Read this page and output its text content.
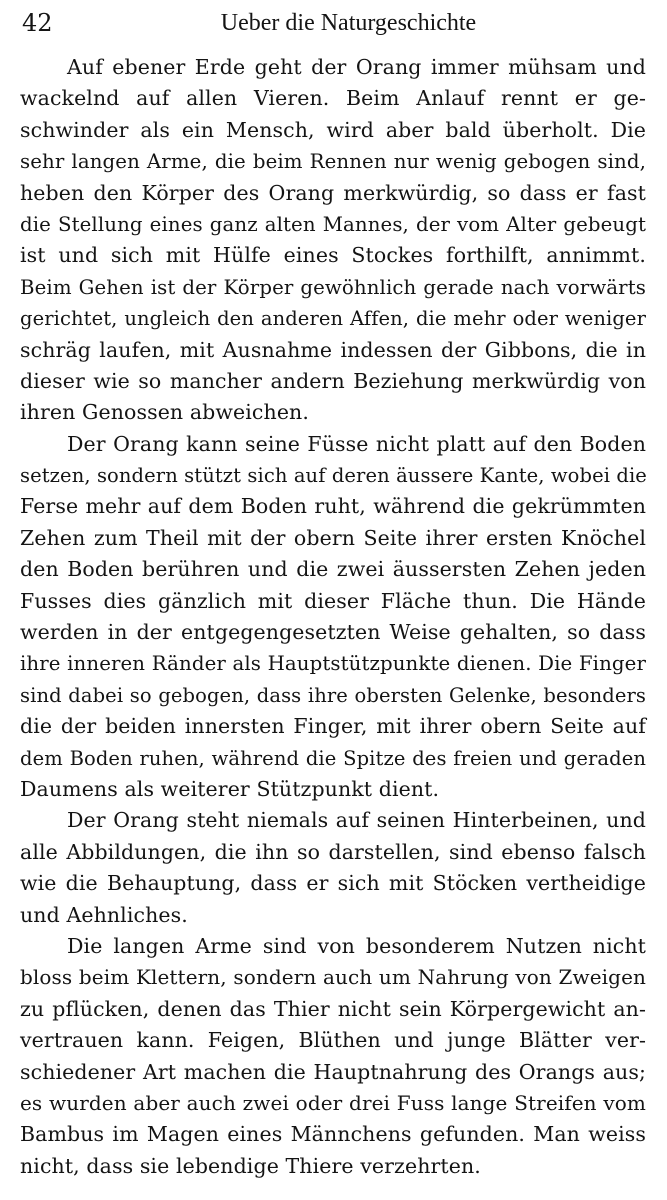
42	Ueber die Naturgeschichte
Auf ebener Erde geht der Orang immer mühsam und
wackelnd auf allen Vieren. Beim Anlauf rennt er ge-
schwinder als ein Mensch, wird aber bald überholt. Die
sehr langen Arme, die beim Rennen nur wenig gebogen sind,
heben den Körper des Orang merkwürdig, so dass er fast
die Stellung eines ganz alten Mannes, der vom Alter gebeugt
ist und sich mit Hülfe eines Stockes forthilft, annimmt.
Beim Gehen ist der Körper gewöhnlich gerade nach vorwärts
gerichtet, ungleich den anderen Affen, die mehr oder weniger
schräg laufen, mit Ausnahme indessen der Gibbons, die in
dieser wie so mancher andern Beziehung merkwürdig von
ihren Genossen abweichen.
Der Orang kann seine Füsse nicht platt auf den Boden
setzen, sondern stützt sich auf deren äussere Kante, wobei die
Ferse mehr auf dem Boden ruht, während die gekrümmten
Zehen zum Theil mit der obern Seite ihrer ersten Knöchel
den Boden berühren und die zwei äussersten Zehen jeden
Fusses dies gänzlich mit dieser Fläche thun. Die Hände
werden in der entgegengesetzten Weise gehalten, so dass
ihre inneren Ränder als Hauptstützpunkte dienen. Die Finger
sind dabei so gebogen, dass ihre obersten Gelenke, besonders
die der beiden innersten Finger, mit ihrer obern Seite auf
dem Boden ruhen, während die Spitze des freien und geraden
Daumens als weiterer Stützpunkt dient.
Der Orang steht niemals auf seinen Hinterbeinen, und
alle Abbildungen, die ihn so darstellen, sind ebenso falsch
wie die Behauptung, dass er sich mit Stöcken vertheidige
und Aehnliches.
Die langen Arme sind von besonderem Nutzen nicht
bloss beim Klettern, sondern auch um Nahrung von Zweigen
zu pflücken, denen das Thier nicht sein Körpergewicht an-
vertrauen kann. Feigen, Blüthen und junge Blätter ver-
schiedener Art machen die Hauptnahrung des Orangs aus;
es wurden aber auch zwei oder drei Fuss lange Streifen vom
Bambus im Magen eines Männchens gefunden. Man weiss
nicht, dass sie lebendige Thiere verzehrten.
